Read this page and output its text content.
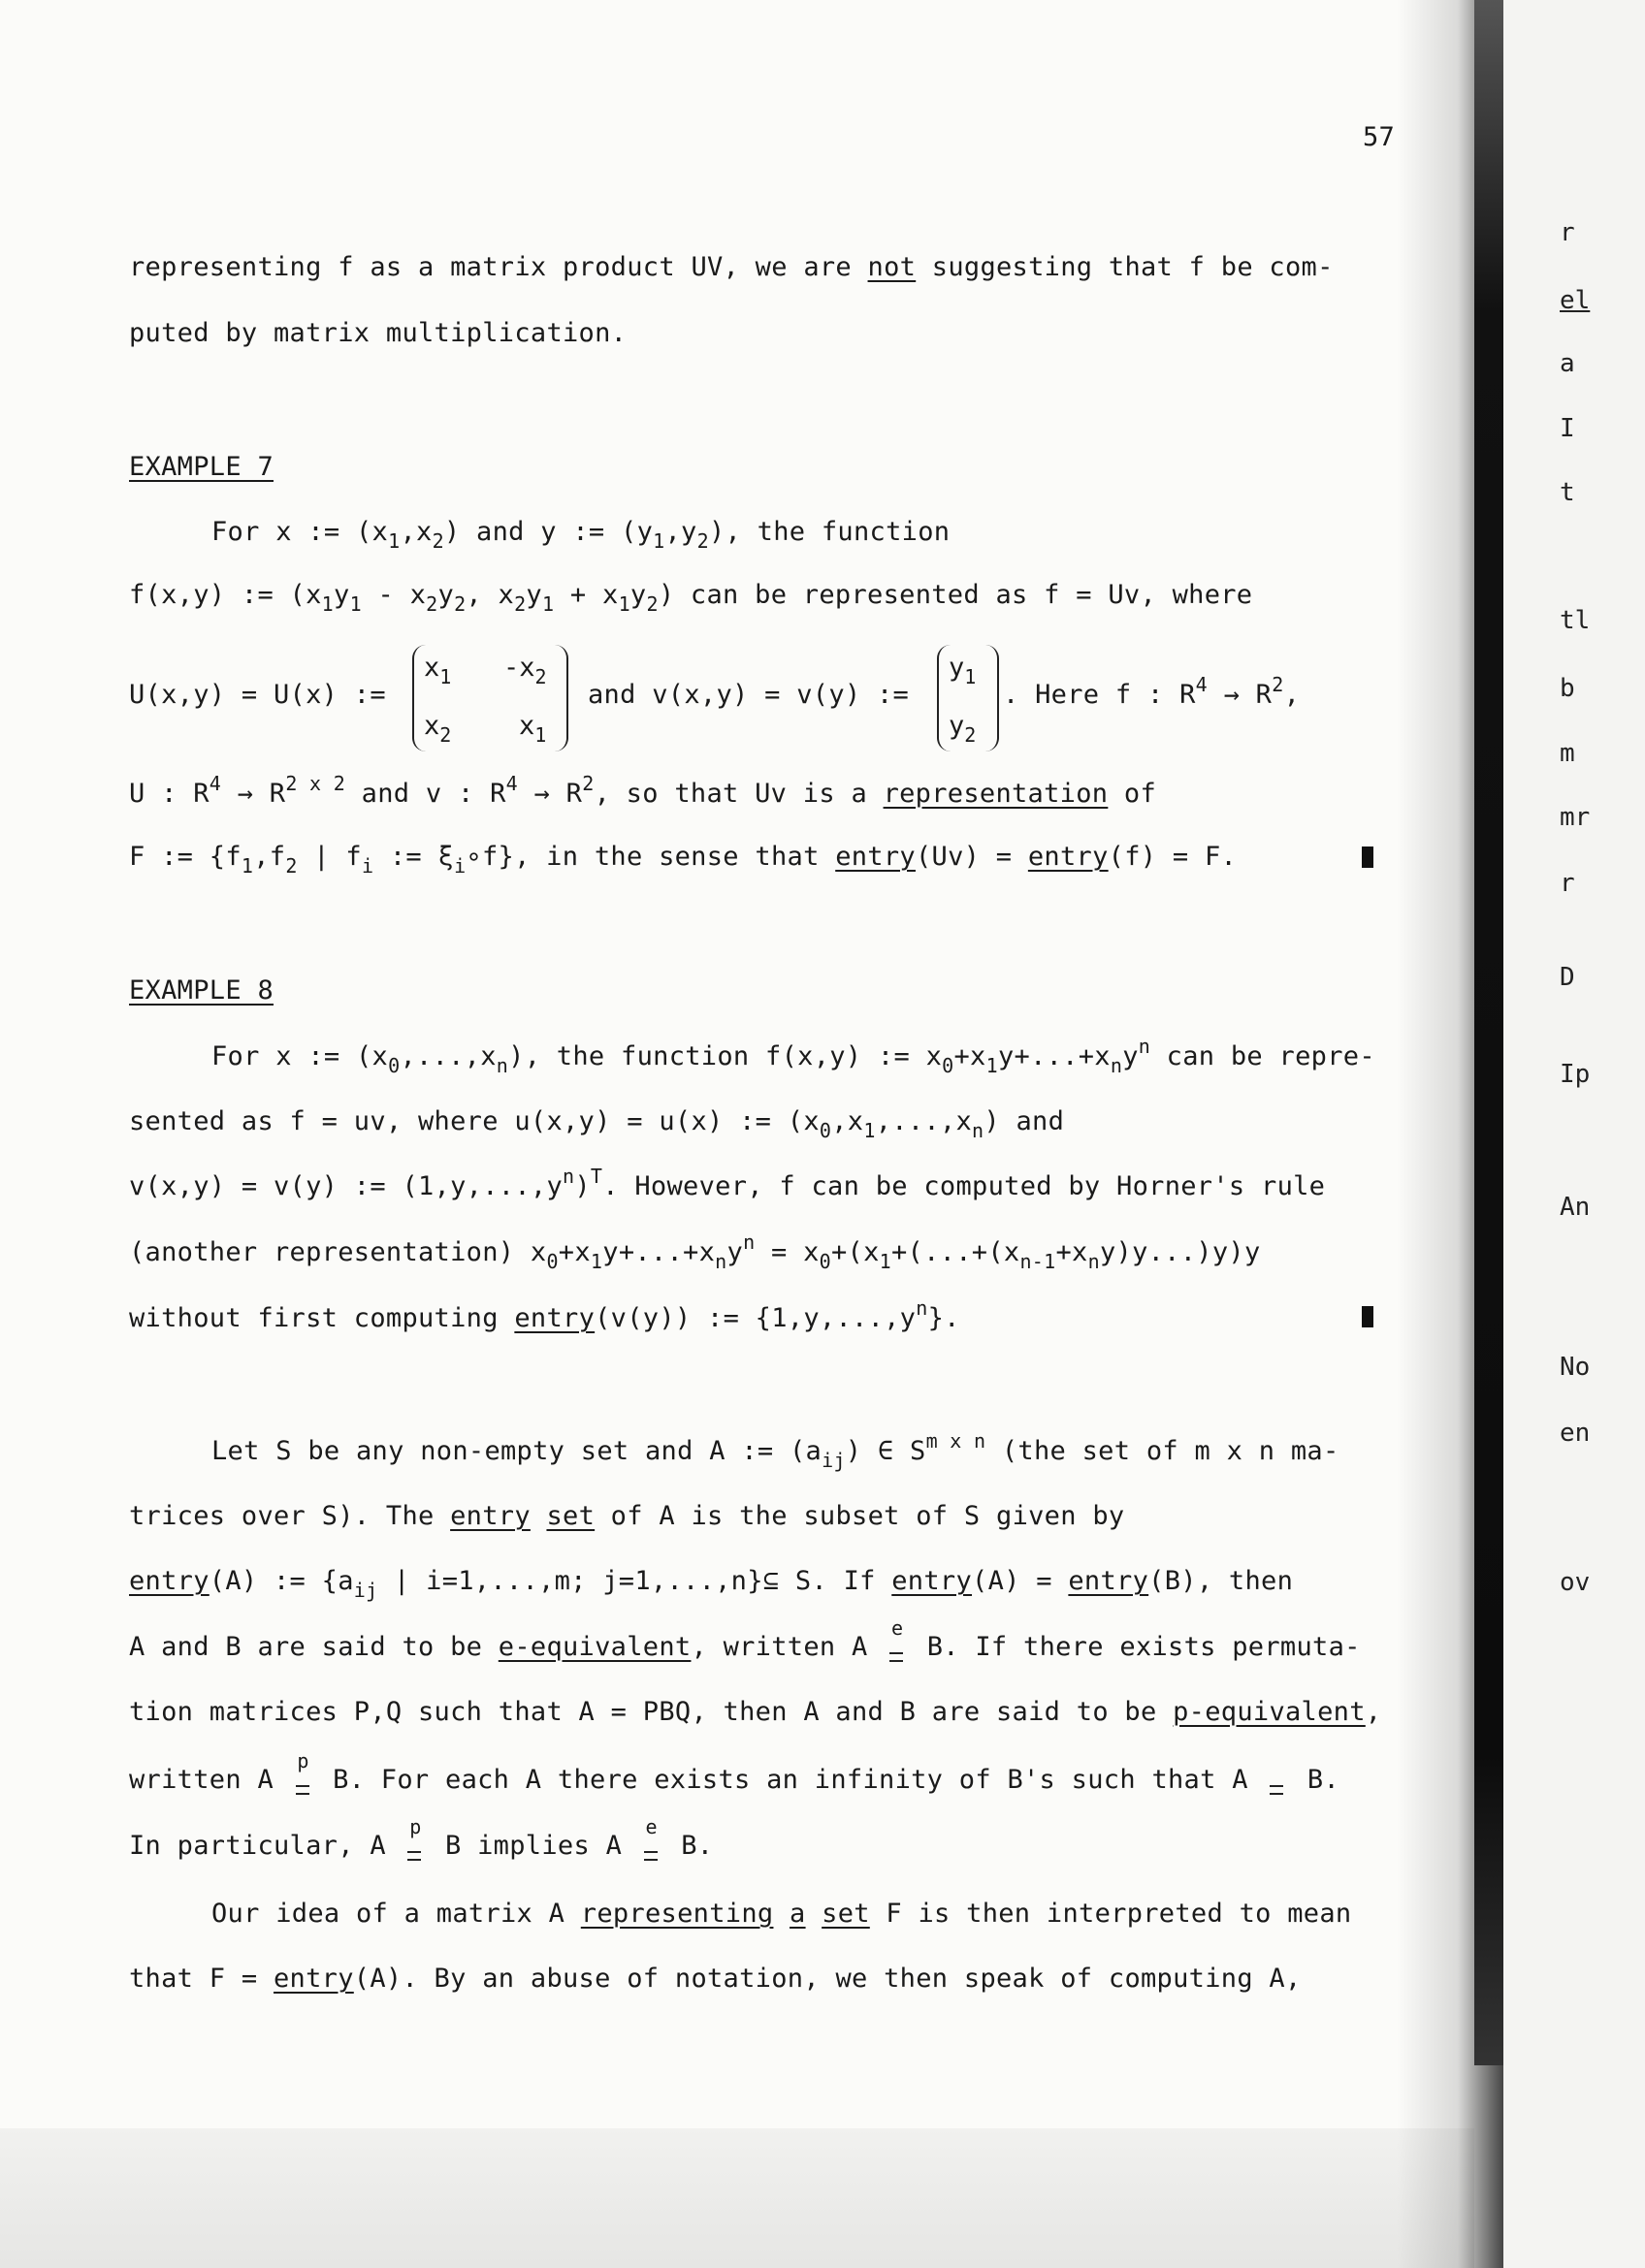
r
el
a
I
t
tl
b
m
mr
r
D
Ip
An
No
en
ov
57
representing f as a matrix product UV, we are not suggesting that f be com-
puted by matrix multiplication.
EXAMPLE 7
For x := $(x_1,x_2)$ and y := $(y_1,y_2)$, the function
f(x,y) := ($x_1y_1 - x_2y_2$, $x_2y_1 + x_1y_2$) can be represented as f = Uv, where
U(x,y) = U(x) :=
$x_1$ $-x_2$
$x_2$	$x_1$
and v(x,y) = v(y) :=
$y_1$
$y_2$
. Here f : $R^4 \to R^2$,
U : $R^4 \to R^{2 x 2}$ and v : $R^4 \to R^2$, so that Uv is a representation of
F := {$f_1,f_2$ | $f_i$ := $\xi_i\circ f$}, in the sense that entry(Uv) = entry(f) = F.
EXAMPLE 8
For x := $(x_0,...,x_n)$, the function f(x,y) := $x_0+x_1y+...+x_ny^n$ can be repre-
sented as f = uv, where u(x,y) = u(x) := $(x_0,x_1,...,x_n)$ and
v(x,y) = v(y) := $(1,y,...,y^n)^T$. However, f can be computed by Horner's rule
(another representation) $x_0+x_1y+...+x_ny^n = x_0+(x_1+(...+(x_{n-1}+x_ny)y...)y)y$
without first computing entry(v(y)) := $\{1,y,...,y^n\}$.
Let S be any non-empty set and A := $(a_{ij})$ ∈ $S^{m x n}$ (the set of m x n ma-
trices over S). The entry set of A is the subset of S given by
entry(A) := {$a_{ij}$ | i=1,...,m; j=1,...,n}⊆ S. If entry(A) = entry(B), then
A and B are said to be e-equivalent, written A
e
B. If there exists permuta-
tion matrices P,Q such that A = PBQ, then A and B are said to be p-equivalent,
written A
p
B. For each A there exists an infinity of B's such that A B.
In particular, A
p
B implies A
e
B.
Our idea of a matrix A representing a set F is then interpreted to mean
that F = entry(A). By an abuse of notation, we then speak of computing A,
